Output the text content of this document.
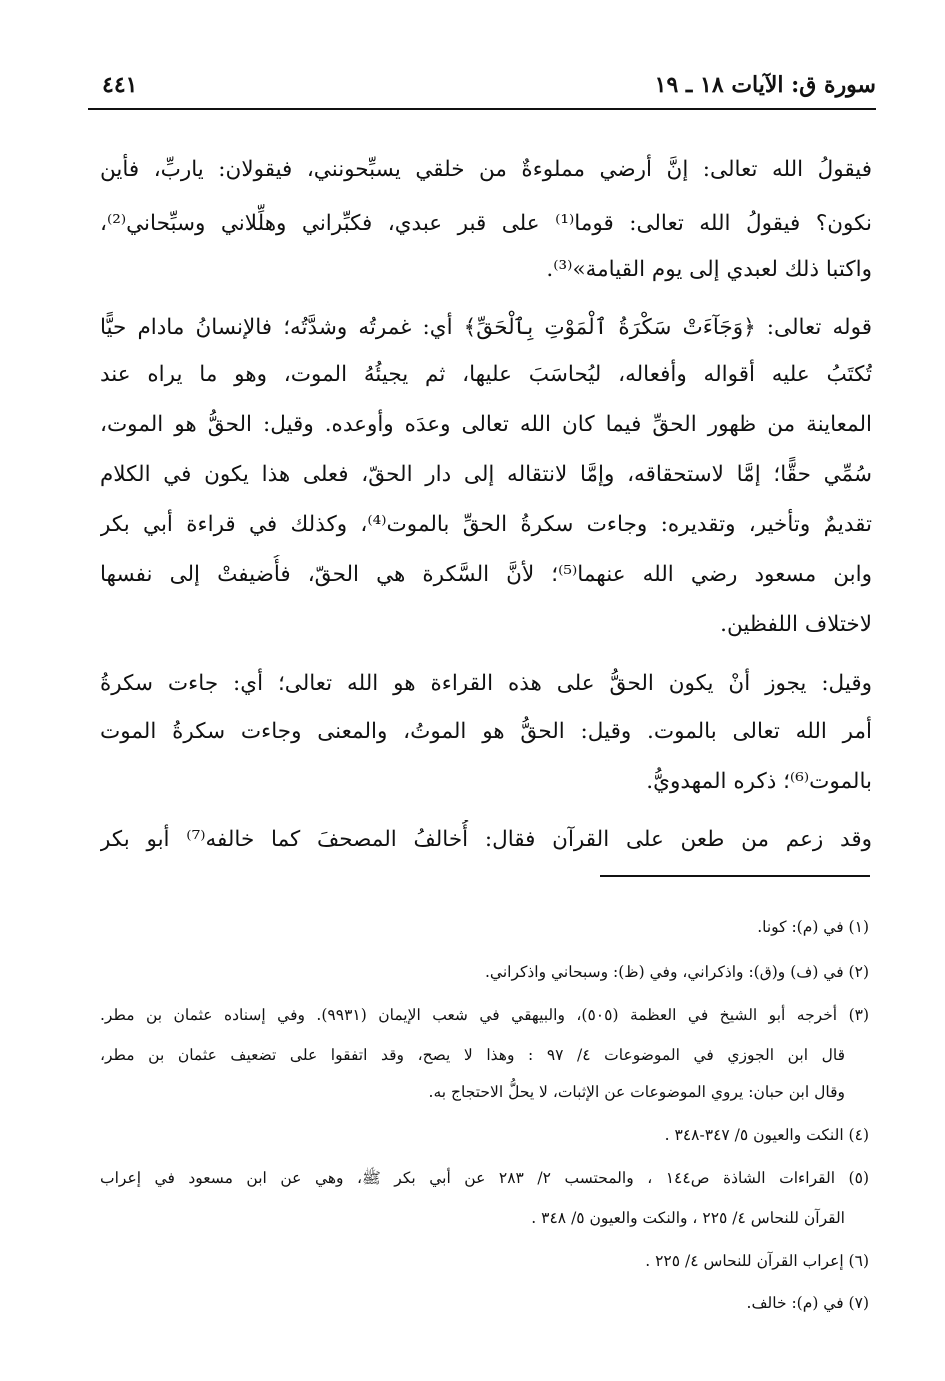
سورة ق: الآيات ١٨ ـ ١٩
٤٤١
فيقولُ الله تعالى: إنَّ أرضي مملوءةٌ من خلقي يسبِّحونني، فيقولان: ياربِّ، فأين
نكون؟ فيقولُ الله تعالى: قوما⁽¹⁾ على قبر عبدي، فكبِّراني وهلِّلاني وسبِّحاني⁽²⁾،
واكتبا ذلك لعبدي إلى يوم القيامة»⁽³⁾.
قوله تعالى: ﴿وَجَآءَتْ سَكْرَةُ ٱلْمَوْتِ بِٱلْحَقِّ﴾ أي: غمرتُه وشدَّتُه؛ فالإنسانُ مادام حيًّا
تُكتَبُ عليه أقواله وأفعاله، ليُحاسَبَ عليها، ثم يجيئُهُ الموت، وهو ما يراه عند
المعاينة من ظهور الحقِّ فيما كان الله تعالى وعدَه وأوعده. وقيل: الحقُّ هو الموت،
سُمِّي حقًّا؛ إمَّا لاستحقاقه، وإمَّا لانتقاله إلى دار الحقّ، فعلى هذا يكون في الكلام
تقديمٌ وتأخير، وتقديره: وجاءت سكرةُ الحقِّ بالموت⁽⁴⁾، وكذلك في قراءة أبي بكر
وابن مسعود رضي الله عنهما⁽⁵⁾؛ لأنَّ السَّكرة هي الحقّ، فأُضيفتْ إلى نفسها
لاختلاف اللفظين.
وقيل: يجوز أنْ يكون الحقُّ على هذه القراءة هو الله تعالى؛ أي: جاءت سكرةُ
أمر الله تعالى بالموت. وقيل: الحقُّ هو الموتُ، والمعنى وجاءت سكرةُ الموت
بالموت⁽⁶⁾؛ ذكره المهدويُّ.
وقد زعم من طعن على القرآن فقال: أُخالفُ المصحفَ كما خالفه⁽⁷⁾ أبو بكر
(١) في (م): كونا.
(٢) في (ف) و(ق): واذكراني، وفي (ظ): وسبحاني واذكراني.
(٣) أخرجه أبو الشيخ في العظمة (٥٠٥)، والبيهقي في شعب الإيمان (٩٩٣١). وفي إسناده عثمان بن مطر.
قال ابن الجوزي في الموضوعات ٤/ ٩٧ : وهذا لا يصح، وقد اتفقوا على تضعيف عثمان بن مطر،
وقال ابن حبان: يروي الموضوعات عن الإثبات، لا يحلُّ الاحتجاج به.
(٤) النكت والعيون ٥/ ٣٤٧-٣٤٨ .
(٥) القراءات الشاذة ص١٤٤ ، والمحتسب ٢/ ٢٨٣ عن أبي بكر ﷺ، وهي عن ابن مسعود في إعراب
القرآن للنحاس ٤/ ٢٢٥ ، والنكت والعيون ٥/ ٣٤٨ .
(٦) إعراب القرآن للنحاس ٤/ ٢٢٥ .
(٧) في (م): خالف.
